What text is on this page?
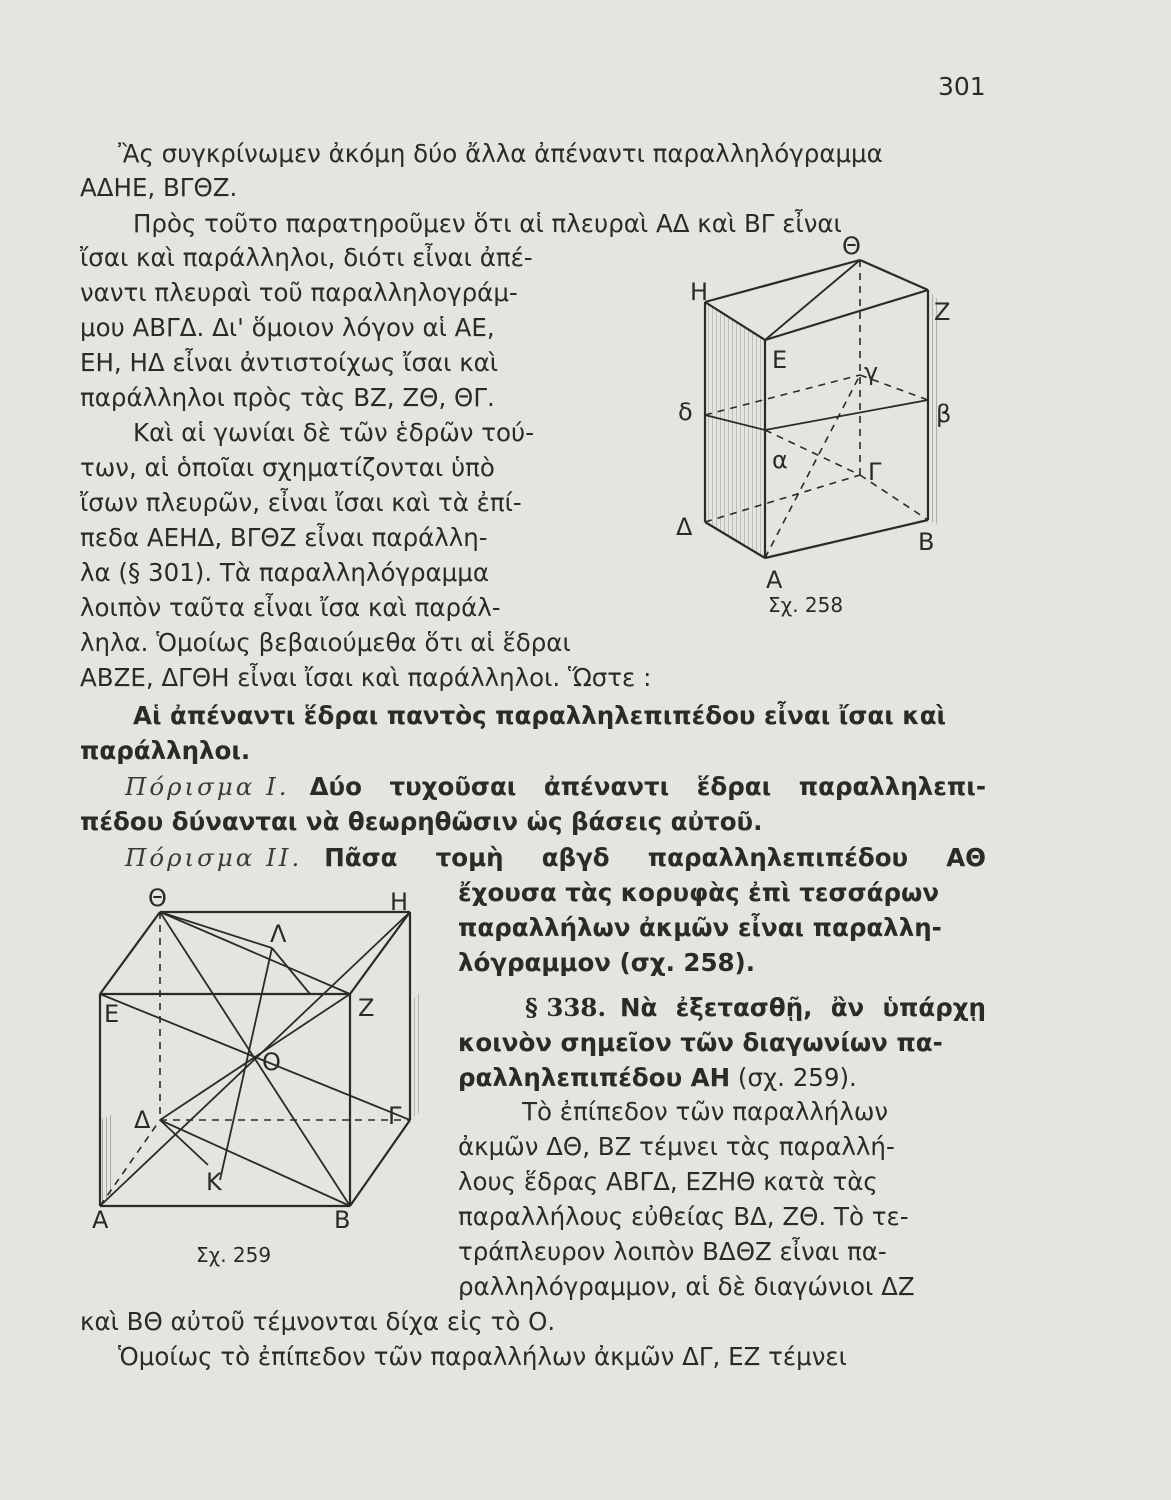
301

Ἂς συγκρίνωμεν ἀκόμη δύο ἄλλα ἀπέναντι παραλληλόγραμμα

ΑΔΗΕ, ΒΓΘΖ.

Πρὸς τοῦτο παρατηροῦμεν ὅτι αἱ πλευραὶ ΑΔ καὶ ΒΓ εἶναι

ἴσαι καὶ παράλληλοι, διότι εἶναι ἀπέ-

ναντι πλευραὶ τοῦ παραλληλογράμ-

μου ΑΒΓΔ. Δι' ὅμοιον λόγον αἱ ΑΕ,

ΕΗ, ΗΔ εἶναι ἀντιστοίχως ἴσαι καὶ

παράλληλοι πρὸς τὰς ΒΖ, ΖΘ, ΘΓ.

Καὶ αἱ γωνίαι δὲ τῶν ἑδρῶν τού-

των, αἱ ὁποῖαι σχηματίζονται ὑπὸ

ἴσων πλευρῶν, εἶναι ἴσαι καὶ τὰ ἐπί-

πεδα ΑΕΗΔ, ΒΓΘΖ εἶναι παράλλη-

λα (§ 301). Τὰ παραλληλόγραμμα

λοιπὸν ταῦτα εἶναι ἴσα καὶ παράλ-

ληλα. Ὁμοίως βεβαιούμεθα ὅτι αἱ ἕδραι

ΑΒΖΕ, ΔΓΘΗ εἶναι ἴσαι καὶ παράλληλοι. Ὥστε :

Αἱ ἀπέναντι ἕδραι παντὸς παραλληλεπιπέδου εἶναι ἴσαι καὶ

παράλληλοι.

Πόρισμα Ι. Δύο τυχοῦσαι ἀπέναντι ἕδραι παραλληλεπι-

πέδου δύνανται νὰ θεωρηθῶσιν ὡς βάσεις αὐτοῦ.

Πόρισμα ΙΙ. Πᾶσα τομὴ αβγδ παραλληλεπιπέδου ΑΘ

ἔχουσα τὰς κορυφὰς ἐπὶ τεσσάρων

παραλλήλων ἀκμῶν εἶναι παραλλη-

λόγραμμον (σχ. 258).

§ 338. Νὰ ἐξετασθῇ, ἂν ὑπάρχῃ

κοινὸν σημεῖον τῶν διαγωνίων πα-

ραλληλεπιπέδου ΑΗ (σχ. 259).

Τὸ ἐπίπεδον τῶν παραλλήλων

ἀκμῶν ΔΘ, ΒΖ τέμνει τὰς παραλλή-

λους ἕδρας ΑΒΓΔ, ΕΖΗΘ κατὰ τὰς

παραλλήλους εὐθείας ΒΔ, ΖΘ. Τὸ τε-

τράπλευρον λοιπὸν ΒΔΘΖ εἶναι πα-

ραλληλόγραμμον, αἱ δὲ διαγώνιοι ΔΖ

καὶ ΒΘ αὐτοῦ τέμνονται δίχα εἰς τὸ Ο.

Ὁμοίως τὸ ἐπίπεδον τῶν παραλλήλων ἀκμῶν ΔΓ, ΕΖ τέμνει

Η
Θ
Ζ
Ε	γ
β
δ
α	Γ
Δ
Β
Α
Σχ. 258
Θ	Η
Λ
Ε	Ζ
Ο
Γ
Δ
Κ
Α	Β
Σχ. 259
